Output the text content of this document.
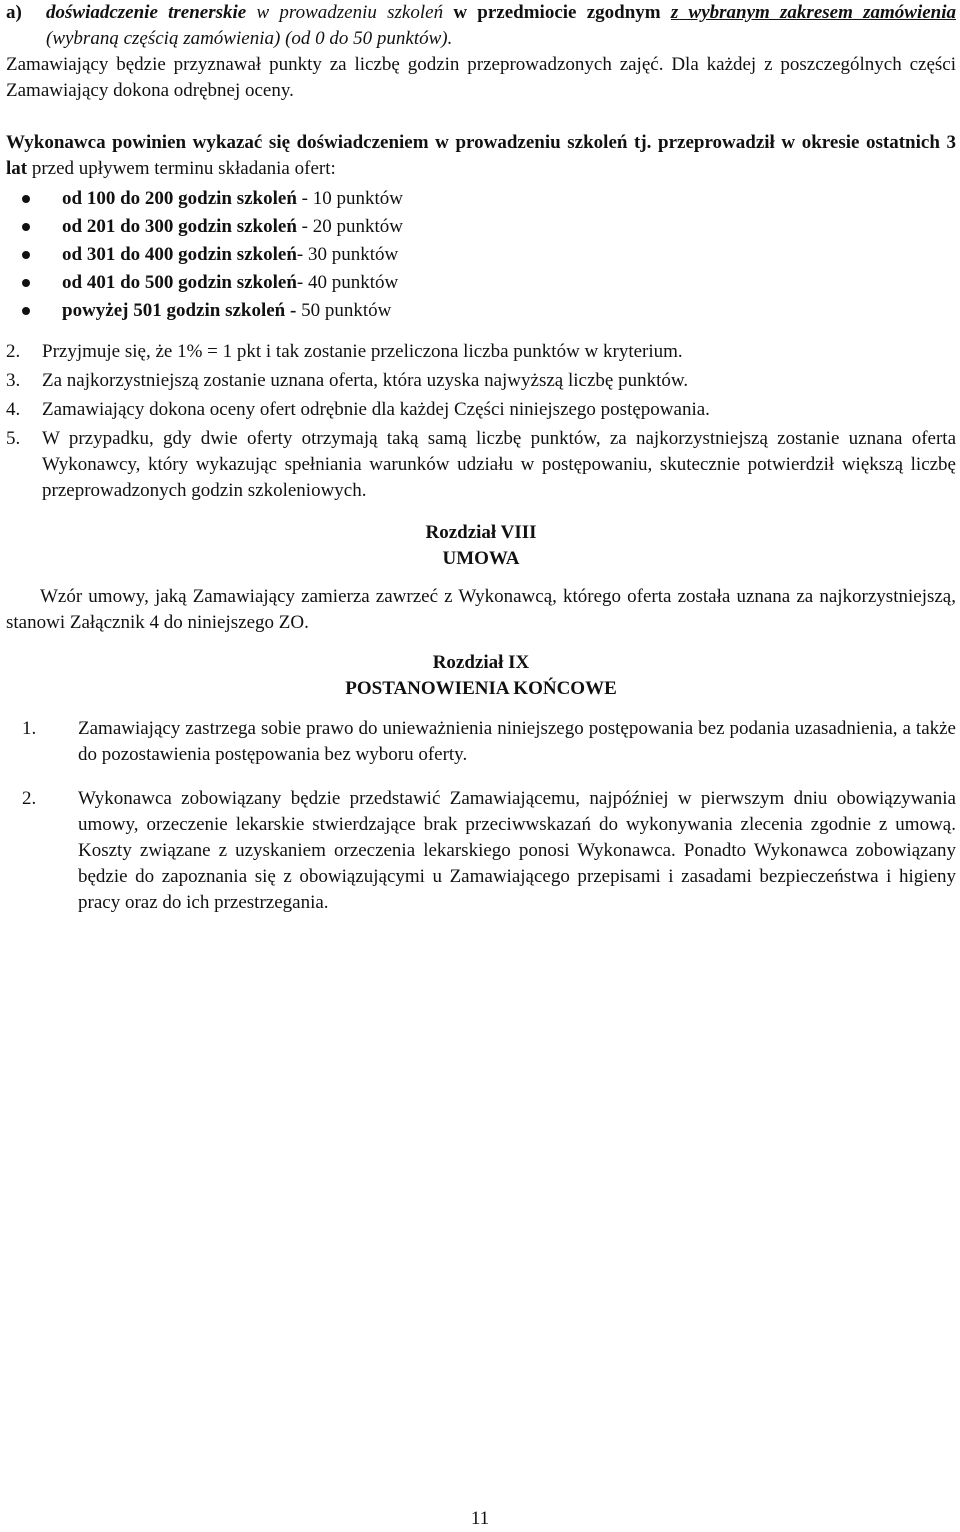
a)	doświadczenie trenerskie w prowadzeniu szkoleń w przedmiocie zgodnym z wybranym zakresem zamówienia (wybraną częścią zamówienia) (od 0 do 50 punktów).

Zamawiający będzie przyznawał punkty za liczbę godzin przeprowadzonych zajęć. Dla każdej z poszczególnych części Zamawiający dokona odrębnej oceny.

Wykonawca powinien wykazać się doświadczeniem w prowadzeniu szkoleń tj. przeprowadził w okresie ostatnich 3 lat przed upływem terminu składania ofert:

od 100 do 200 godzin szkoleń - 10 punktów
od 201 do 300 godzin szkoleń - 20 punktów
od 301 do 400 godzin szkoleń - 30 punktów
od 401 do 500 godzin szkoleń - 40 punktów
powyżej 501 godzin szkoleń - 50 punktów
2.	Przyjmuje się, że 1% = 1 pkt i tak zostanie przeliczona liczba punktów w kryterium.
3.	Za najkorzystniejszą zostanie uznana oferta, która uzyska najwyższą liczbę punktów.
4.	Zamawiający dokona oceny ofert odrębnie dla każdej Części niniejszego postępowania.
5.	W przypadku, gdy dwie oferty otrzymają taką samą liczbę punktów, za najkorzystniejszą zostanie uznana oferta Wykonawcy, który wykazując spełniania warunków udziału w postępowaniu, skutecznie potwierdził większą liczbę przeprowadzonych godzin szkoleniowych.

Rozdział VIII

UMOWA

Wzór umowy, jaką Zamawiający zamierza zawrzeć z Wykonawcą, którego oferta została uznana za najkorzystniejszą, stanowi Załącznik 4 do niniejszego ZO.

Rozdział IX

POSTANOWIENIA KOŃCOWE

1.	Zamawiający zastrzega sobie prawo do unieważnienia niniejszego postępowania bez podania uzasadnienia, a także do pozostawienia postępowania bez wyboru oferty.
2.	Wykonawca zobowiązany będzie przedstawić Zamawiającemu, najpóźniej w pierwszym dniu obowiązywania umowy, orzeczenie lekarskie stwierdzające brak przeciwwskazań do wykonywania zlecenia zgodnie z umową. Koszty związane z uzyskaniem orzeczenia lekarskiego ponosi Wykonawca. Ponadto Wykonawca zobowiązany będzie do zapoznania się z obowiązującymi u Zamawiającego przepisami i zasadami bezpieczeństwa i higieny pracy oraz do ich przestrzegania.
11
